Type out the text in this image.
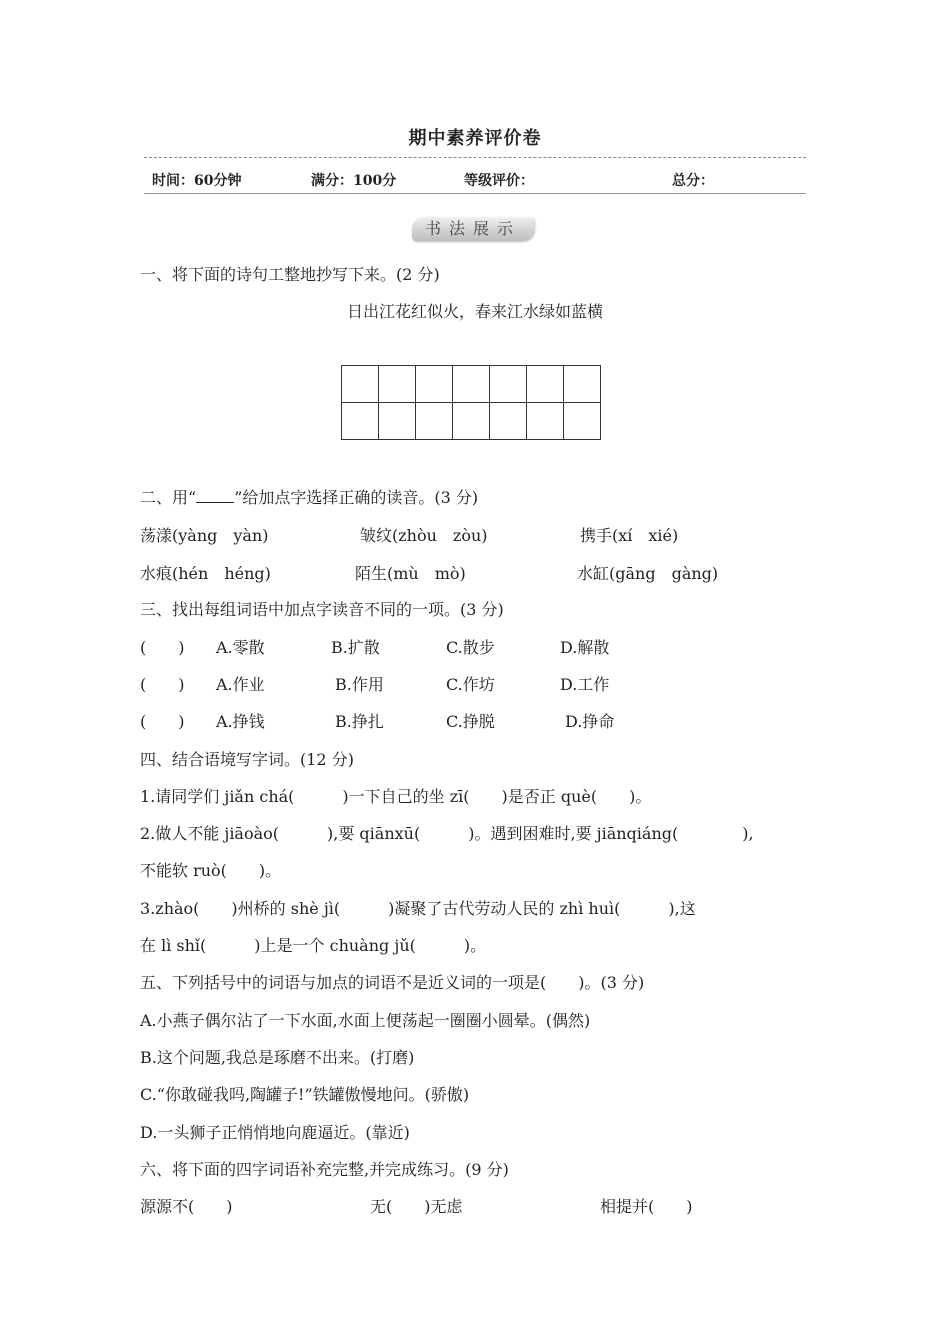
期中素养评价卷
时间：60分钟	满分：100分	等级评价：	总分：
书法展示
一、将下面的诗句工整地抄写下来。(2 分)
日出江花红似火，春来江水绿如蓝横

二、用“ ”给加点字选择正确的读音。(3 分)
荡漾(yàng　yàn)	皱纹(zhòu　zòu)	携手(xí　xié)
水痕(hén　héng)	陌生(mù　mò)	水缸(gāng　gàng)
三、找出每组词语中加点字读音不同的一项。(3 分)
(　　) A.零散	B.扩散	C.散步	D.解散
(　　) A.作业	B.作用	C.作坊	D.工作
(　　) A.挣钱	B.挣扎	C.挣脱	D.挣命
四、结合语境写字词。(12 分)
1.请同学们 jiǎn chá(　　　)一下自己的坐 zī(　　)是否正 què(　　)。
2.做人不能 jiāoào(　　　),要 qiānxū(　　　)。遇到困难时,要 jiānqiáng(　　　　),
不能软 ruò(　　)。
3.zhào(　　)州桥的 shè jì(　　　)凝聚了古代劳动人民的 zhì huì(　　　),这
在 lì shǐ(　　　)上是一个 chuàng jǔ(　　　)。
五、下列括号中的词语与加点的词语不是近义词的一项是(　　)。(3 分)
A.小燕子偶尔沾了一下水面,水面上便荡起一圈圈小圆晕。(偶然)
B.这个问题,我总是琢磨不出来。(打磨)
C.“你敢碰我吗,陶罐子!”铁罐傲慢地问。(骄傲)
D.一头狮子正悄悄地向鹿逼近。(靠近)
六、将下面的四字词语补充完整,并完成练习。(9 分)
源源不(　　)	无(　　)无虑	相提并(　　)
